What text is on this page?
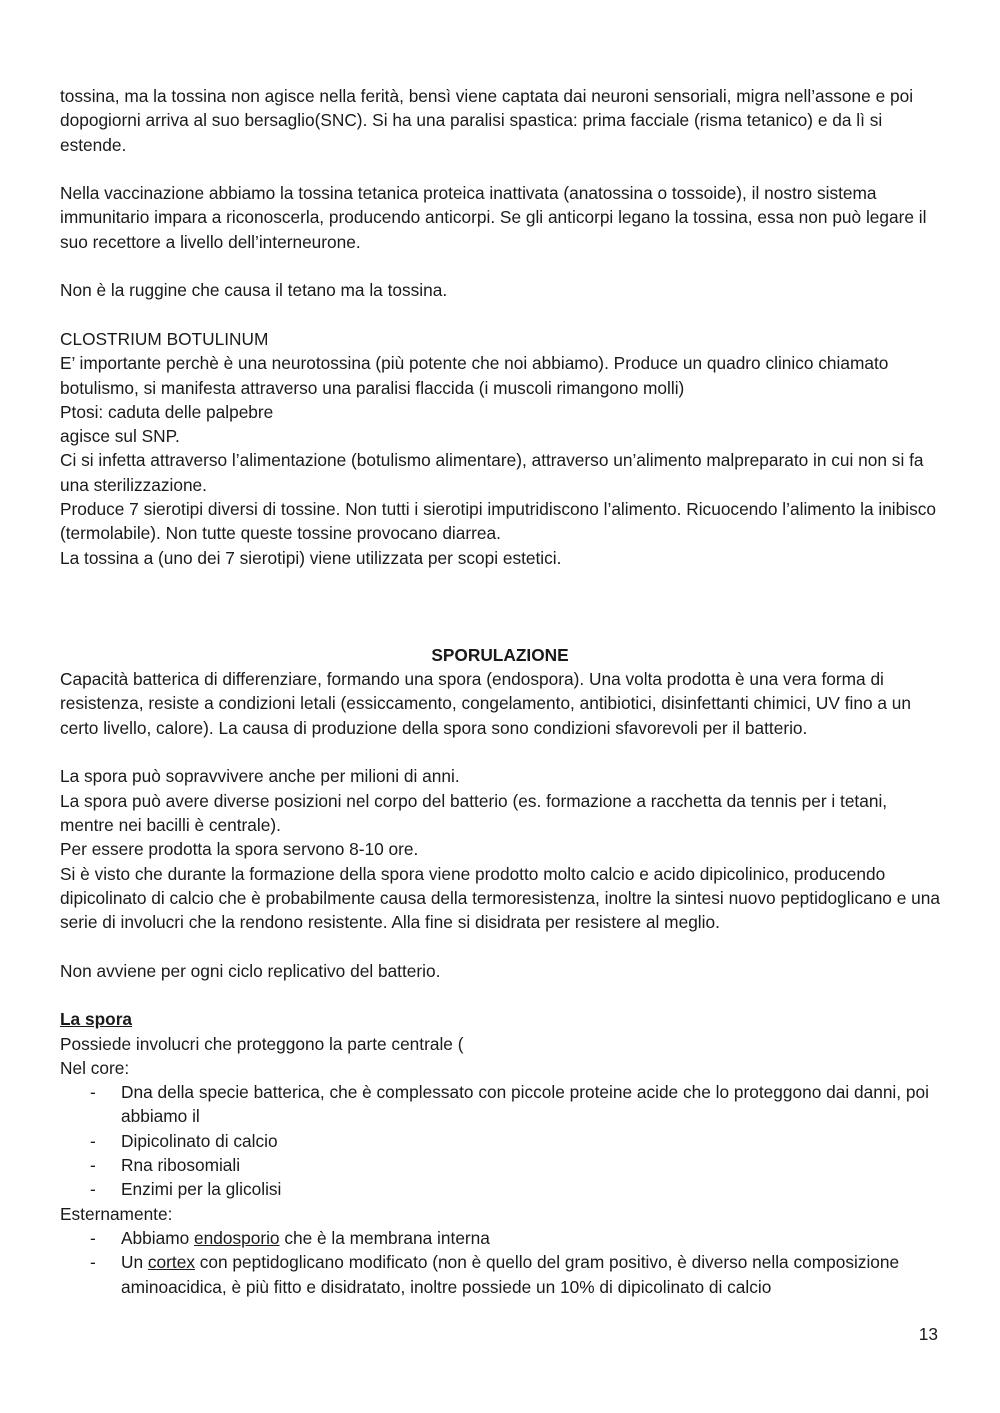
tossina, ma la tossina non agisce nella ferità, bensì viene captata dai neuroni sensoriali, migra nell’assone e poi dopogiorni arriva al suo bersaglio(SNC). Si ha una paralisi spastica: prima facciale (risma tetanico) e da lì si estende.

Nella vaccinazione abbiamo la tossina tetanica proteica inattivata (anatossina o tossoide), il nostro sistema immunitario impara a riconoscerla, producendo anticorpi. Se gli anticorpi legano la tossina, essa non può legare il suo recettore a livello dell’interneurone.

Non è la ruggine che causa il tetano ma la tossina.

CLOSTRIUM BOTULINUM

E’ importante perchè è una neurotossina (più potente che noi abbiamo). Produce un quadro clinico chiamato botulismo, si manifesta attraverso una paralisi flaccida (i muscoli rimangono molli)

Ptosi: caduta delle palpebre

agisce sul SNP.

Ci si infetta attraverso l’alimentazione (botulismo alimentare), attraverso un’alimento malpreparato in cui non si fa una sterilizzazione.

Produce 7 sierotipi diversi di tossine. Non tutti i sierotipi imputridiscono l’alimento. Ricuocendo l’alimento la inibisco (termolabile). Non tutte queste tossine provocano diarrea.

La tossina a (uno dei 7 sierotipi) viene utilizzata per scopi estetici.

SPORULAZIONE

Capacità batterica di differenziare, formando una spora (endospora). Una volta prodotta è una vera forma di resistenza, resiste a condizioni letali (essiccamento, congelamento, antibiotici, disinfettanti chimici, UV fino a un certo livello, calore). La causa di produzione della spora sono condizioni sfavorevoli per il batterio.

La spora può sopravvivere anche per milioni di anni.

La spora può avere diverse posizioni nel corpo del batterio (es. formazione a racchetta da tennis per i tetani, mentre nei bacilli è centrale).

Per essere prodotta la spora servono 8-10 ore.

Si è visto che durante la formazione della spora viene prodotto molto calcio e acido dipicolinico, producendo dipicolinato di calcio che è probabilmente causa della termoresistenza, inoltre la sintesi nuovo peptidoglicano e una serie di involucri che la rendono resistente. Alla fine si disidrata per resistere al meglio.

Non avviene per ogni ciclo replicativo del batterio.

La spora

Possiede involucri che proteggono la parte centrale (

Nel core:

- Dna della specie batterica, che è complessato con piccole proteine acide che lo proteggono dai danni, poi abbiamo il
- Dipicolinato di calcio
- Rna ribosomiali
- Enzimi per la glicolisi

Esternamente:

- Abbiamo endosporio che è la membrana interna
- Un cortex con peptidoglicano modificato (non è quello del gram positivo, è diverso nella composizione aminoacidica, è più fitto e disidratato, inoltre possiede un 10% di dipicolinato di calcio
13
